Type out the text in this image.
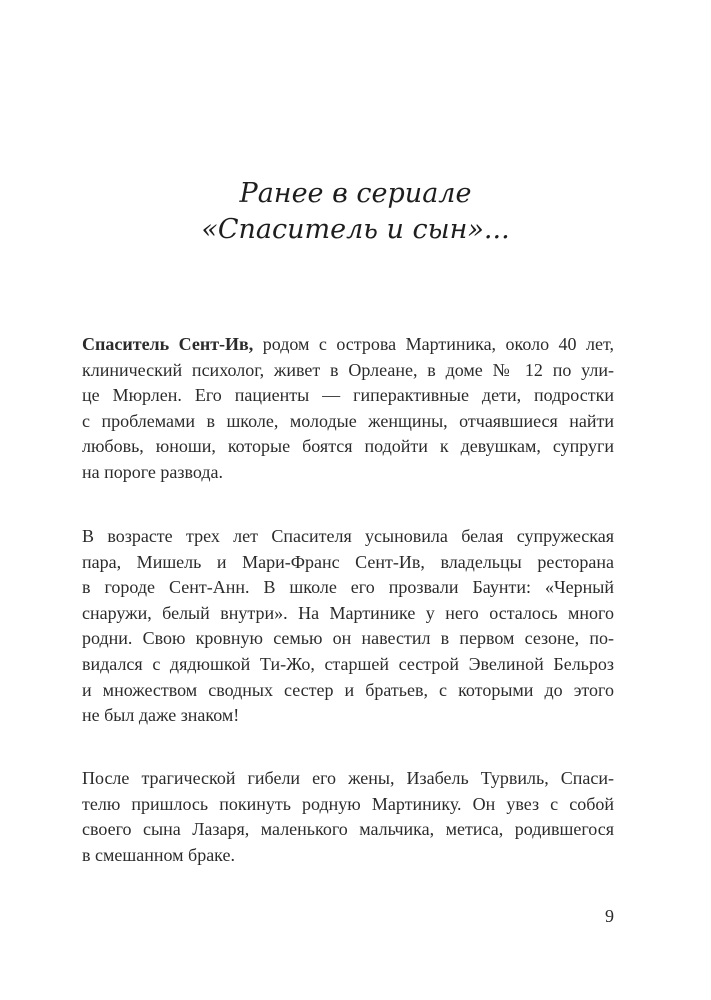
Ранее в сериале
«Спаситель и сын»...
Спаситель Сент-Ив, родом с острова Мартиника, около 40 лет,
клинический психолог, живет в Орлеане, в доме № 12 по ули-
це Мюрлен. Его пациенты — гиперактивные дети, подростки
с проблемами в школе, молодые женщины, отчаявшиеся найти
любовь, юноши, которые боятся подойти к девушкам, супруги
на пороге развода.
В возрасте трех лет Спасителя усыновила белая супружеская
пара, Мишель и Мари-Франс Сент-Ив, владельцы ресторана
в городе Сент-Анн. В школе его прозвали Баунти: «Черный
снаружи, белый внутри». На Мартинике у него осталось много
родни. Свою кровную семью он навестил в первом сезоне, по-
видался с дядюшкой Ти-Жо, старшей сестрой Эвелиной Бельроз
и множеством сводных сестер и братьев, с которыми до этого
не был даже знаком!
После трагической гибели его жены, Изабель Турвиль, Спаси-
телю пришлось покинуть родную Мартинику. Он увез с собой
своего сына Лазаря, маленького мальчика, метиса, родившегося
в смешанном браке.
9
